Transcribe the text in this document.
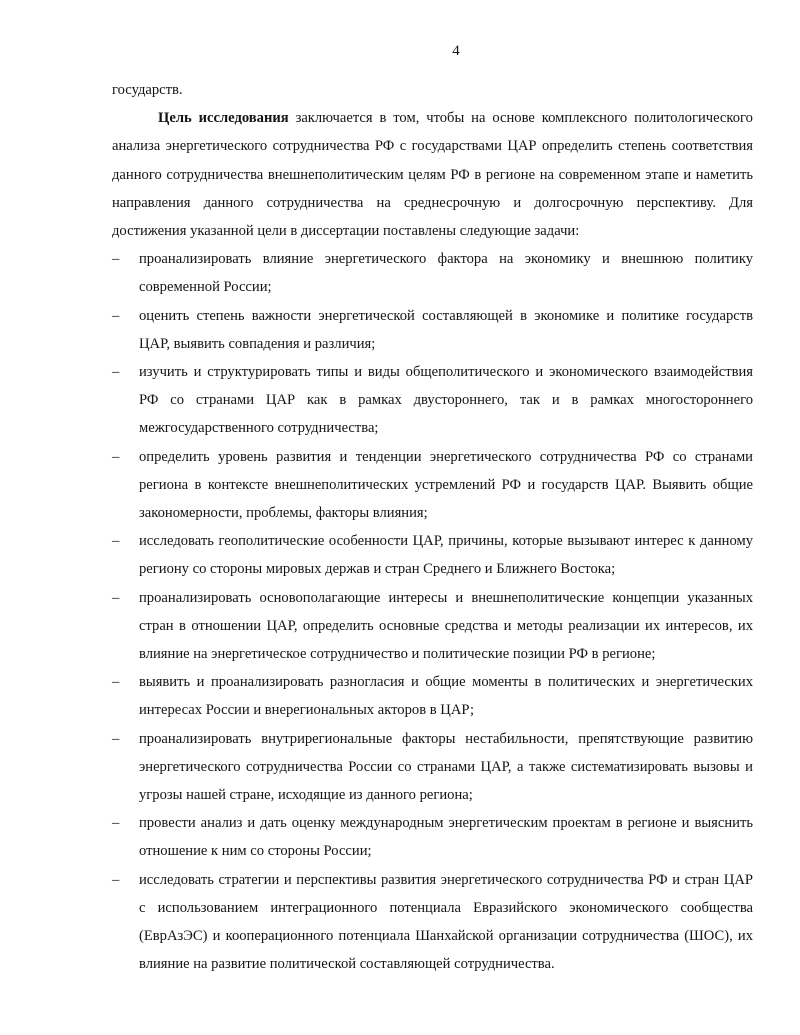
4

государств.

Цель исследования заключается в том, чтобы на основе комплексного политологического анализа энергетического сотрудничества РФ с государствами ЦАР определить степень соответствия данного сотрудничества внешнеполитическим целям РФ в регионе на современном этапе и наметить направления данного сотрудничества на среднесрочную и долгосрочную перспективу. Для достижения указанной цели в диссертации поставлены следующие задачи:

– проанализировать влияние энергетического фактора на экономику и внешнюю политику современной России;
– оценить степень важности энергетической составляющей в экономике и политике государств ЦАР, выявить совпадения и различия;
– изучить и структурировать типы и виды общеполитического и экономического взаимодействия РФ со странами ЦАР как в рамках двустороннего, так и в рамках многостороннего межгосударственного сотрудничества;
– определить уровень развития и тенденции энергетического сотрудничества РФ со странами региона в контексте внешнеполитических устремлений РФ и государств ЦАР. Выявить общие закономерности, проблемы, факторы влияния;
– исследовать геополитические особенности ЦАР, причины, которые вызывают интерес к данному региону со стороны мировых держав и стран Среднего и Ближнего Востока;
– проанализировать основополагающие интересы и внешнеполитические концепции указанных стран в отношении ЦАР, определить основные средства и методы реализации их интересов, их влияние на энергетическое сотрудничество и политические позиции РФ в регионе;
– выявить и проанализировать разногласия и общие моменты в политических и энергетических интересах России и внерегиональных акторов в ЦАР;
– проанализировать внутрирегиональные факторы нестабильности, препятствующие развитию энергетического сотрудничества России со странами ЦАР, а также систематизировать вызовы и угрозы нашей стране, исходящие из данного региона;
– провести анализ и дать оценку международным энергетическим проектам в регионе и выяснить отношение к ним со стороны России;
– исследовать стратегии и перспективы развития энергетического сотрудничества РФ и стран ЦАР с использованием интеграционного потенциала Евразийского экономического сообщества (ЕврАзЭС) и кооперационного потенциала Шанхайской организации сотрудничества (ШОС), их влияние на развитие политической составляющей сотрудничества.
